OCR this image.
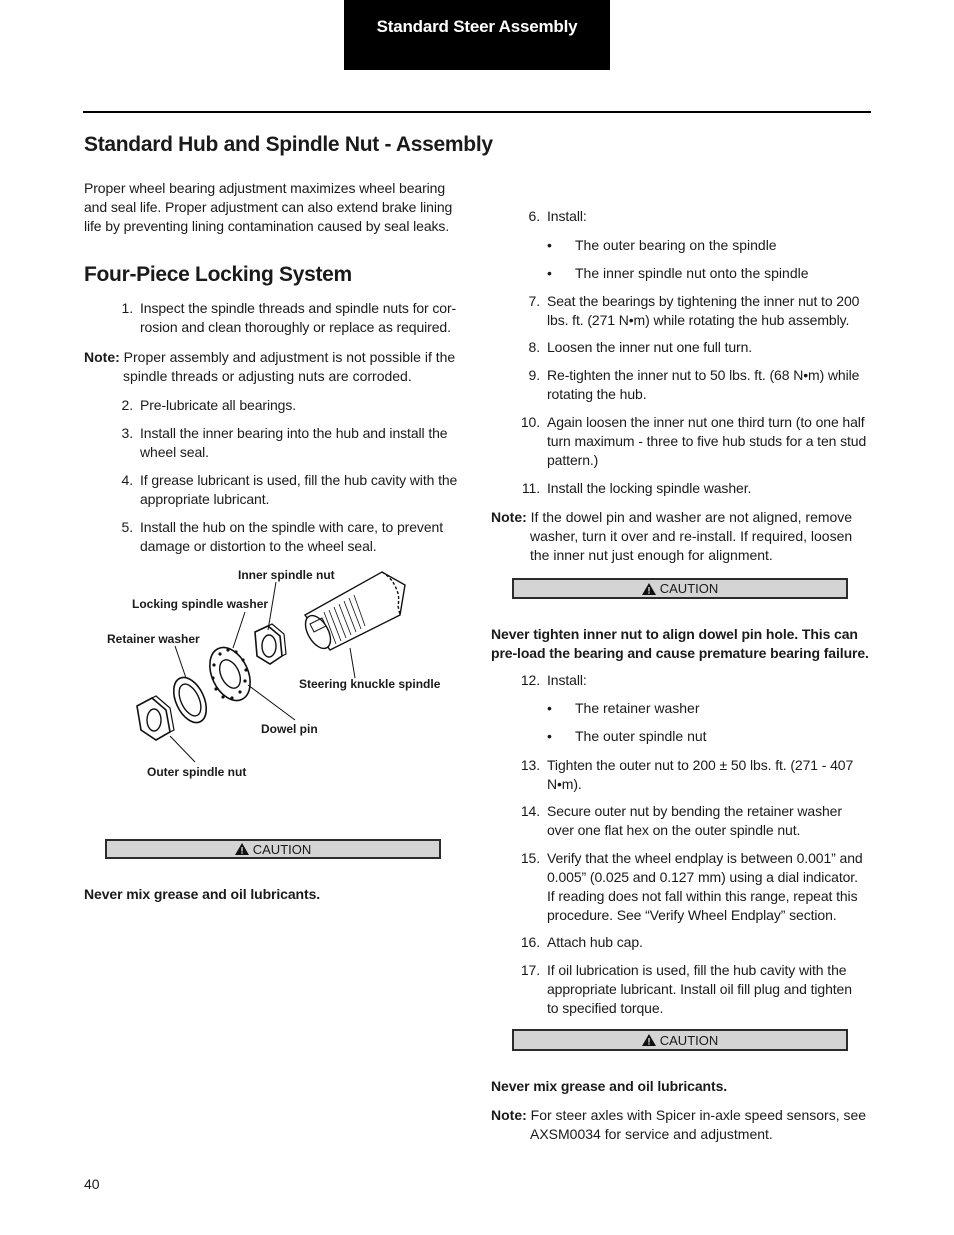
Standard Steer Assembly
Standard Hub and Spindle Nut - Assembly
Proper wheel bearing adjustment maximizes wheel bearing
and seal life. Proper adjustment can also extend brake lining
life by preventing lining contamination caused by seal leaks.
Four-Piece Locking System
1. Inspect the spindle threads and spindle nuts for cor-
rosion and clean thoroughly or replace as required.
Note: Proper assembly and adjustment is not possible if the
spindle threads or adjusting nuts are corroded.
2. Pre-lubricate all bearings.
3. Install the inner bearing into the hub and install the
wheel seal.
4. If grease lubricant is used, fill the hub cavity with the
appropriate lubricant.
5. Install the hub on the spindle with care, to prevent
damage or distortion to the wheel seal.
Inner spindle nut
Locking spindle washer
Retainer washer
Steering knuckle spindle
Dowel pin
Outer spindle nut
CAUTION
Never mix grease and oil lubricants.
6. Install:
• The outer bearing on the spindle
• The inner spindle nut onto the spindle
7. Seat the bearings by tightening the inner nut to 200
lbs. ft. (271 N•m) while rotating the hub assembly.
8. Loosen the inner nut one full turn.
9. Re-tighten the inner nut to 50 lbs. ft. (68 N•m) while
rotating the hub.
10. Again loosen the inner nut one third turn (to one half
turn maximum - three to five hub studs for a ten stud
pattern.)
11. Install the locking spindle washer.
Note: If the dowel pin and washer are not aligned, remove
washer, turn it over and re-install. If required, loosen
the inner nut just enough for alignment.
CAUTION
Never tighten inner nut to align dowel pin hole. This can
pre-load the bearing and cause premature bearing failure.
12. Install:
• The retainer washer
• The outer spindle nut
13. Tighten the outer nut to 200 ± 50 lbs. ft. (271 - 407
N•m).
14. Secure outer nut by bending the retainer washer
over one flat hex on the outer spindle nut.
15. Verify that the wheel endplay is between 0.001” and
0.005” (0.025 and 0.127 mm) using a dial indicator.
If reading does not fall within this range, repeat this
procedure. See “Verify Wheel Endplay” section.
16. Attach hub cap.
17. If oil lubrication is used, fill the hub cavity with the
appropriate lubricant. Install oil fill plug and tighten
to specified torque.
CAUTION
Never mix grease and oil lubricants.
Note: For steer axles with Spicer in-axle speed sensors, see
AXSM0034 for service and adjustment.
40
